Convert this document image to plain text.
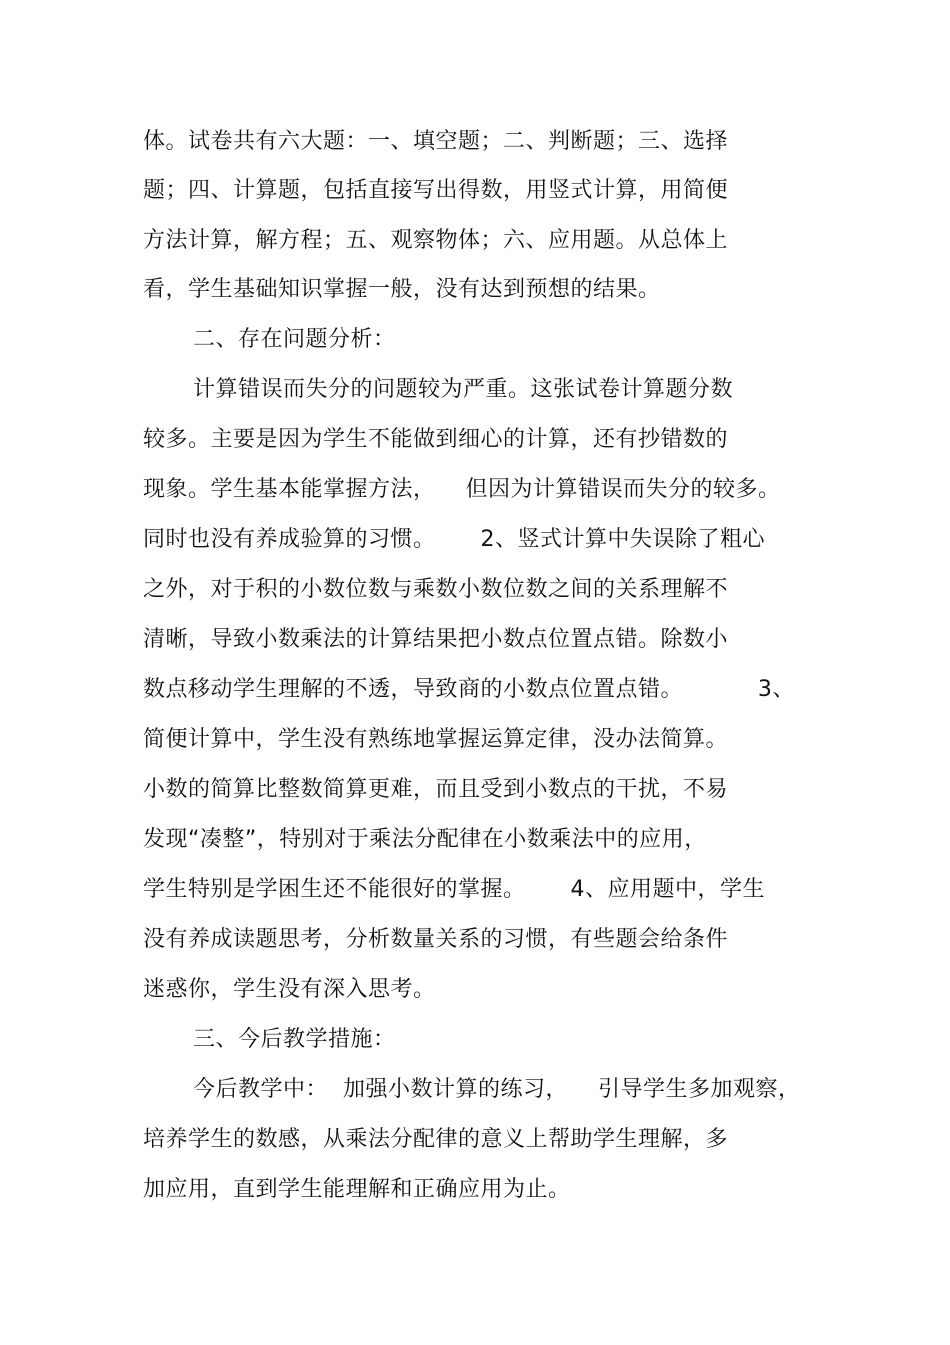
体。试卷共有六大题：一、填空题；二、判断题；三、选择
题；四、计算题，包括直接写出得数，用竖式计算，用简便
方法计算，解方程；五、观察物体；六、应用题。从总体上
看，学生基础知识掌握一般，没有达到预想的结果。
二、存在问题分析：
计算错误而失分的问题较为严重。这张试卷计算题分数
较多。主要是因为学生不能做到细心的计算，还有抄错数的
现象。学生基本能掌握方法，    但因为计算错误而失分的较多。
同时也没有养成验算的习惯。      2、竖式计算中失误除了粗心
之外，对于积的小数位数与乘数小数位数之间的关系理解不
清晰，导致小数乘法的计算结果把小数点位置点错。除数小
数点移动学生理解的不透，导致商的小数点位置点错。          3、
简便计算中，学生没有熟练地掌握运算定律，没办法简算。
小数的简算比整数简算更难，而且受到小数点的干扰，不易
发现“凑整”，特别对于乘法分配律在小数乘法中的应用，
学生特别是学困生还不能很好的掌握。      4、应用题中，学生
没有养成读题思考，分析数量关系的习惯，有些题会给条件
迷惑你，学生没有深入思考。
三、今后教学措施：
今后教学中：  加强小数计算的练习，    引导学生多加观察，
培养学生的数感，从乘法分配律的意义上帮助学生理解，多
加应用，直到学生能理解和正确应用为止。
